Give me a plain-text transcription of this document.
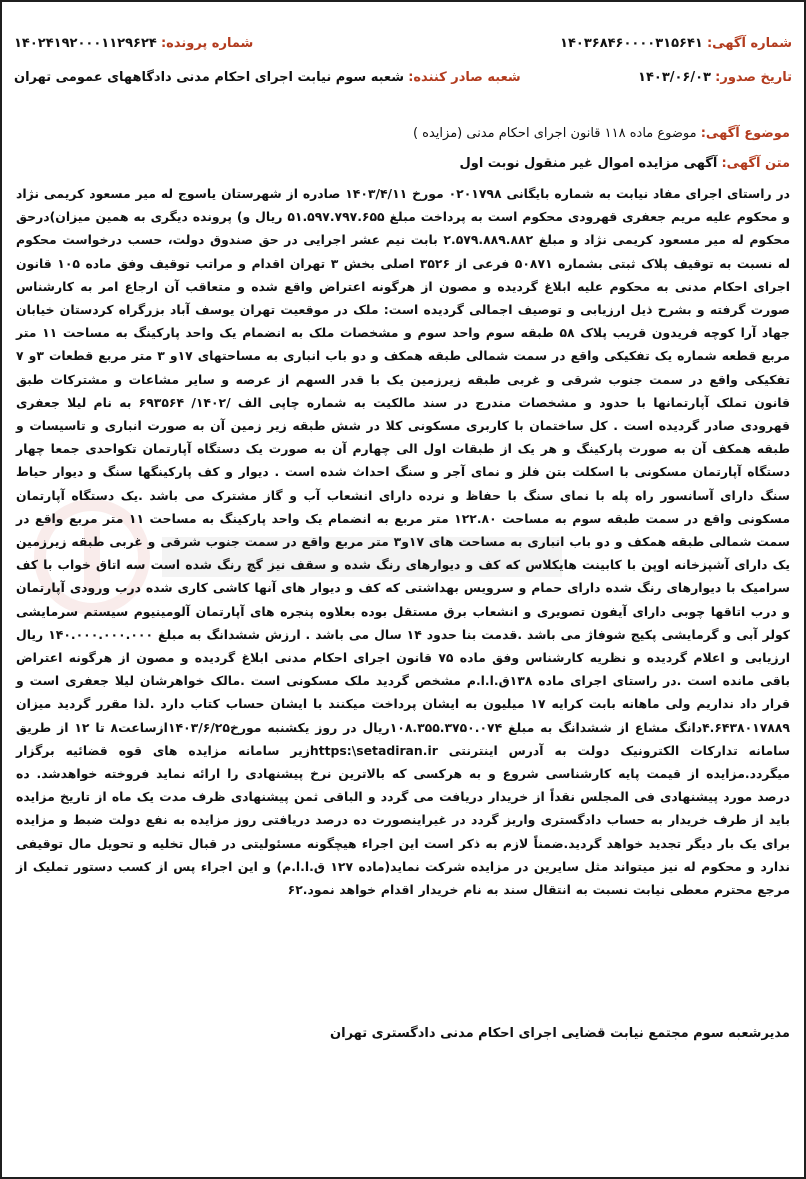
شماره آگهی: ۱۴۰۳۶۸۴۶۰۰۰۰۳۱۵۶۴۱
شماره پرونده: ۱۴۰۲۴۱۹۲۰۰۰۱۱۲۹۶۲۴
تاریخ صدور: ۱۴۰۳/۰۶/۰۳
شعبه صادر کننده: شعبه سوم نیابت اجرای احکام مدنی دادگاههای عمومی تهران
موضوع آگهی: موضوع ماده ۱۱۸ قانون اجرای احکام مدنی (مزایده )
متن آگهی: آگهی مزایده اموال غیر منقول نوبت اول
در راستای اجرای مفاد نیابت به شماره بایگانی ۰۲۰۱۷۹۸ مورخ ۱۴۰۳/۴/۱۱ صادره از شهرستان یاسوج له میر مسعود کریمی نژاد و محکوم علیه مریم جعفری قهرودی محکوم است به پرداخت مبلغ ۵۱.۵۹۷.۷۹۷.۶۵۵ ریال و) پرونده دیگری به همین میزان)درحق محکوم له میر مسعود کریمی نژاد و مبلغ ۲.۵۷۹.۸۸۹.۸۸۲ بابت نیم عشر اجرایی در حق صندوق دولت، حسب درخواست محکوم له نسبت به توقیف پلاک ثبتی بشماره ۵۰۸۷۱ فرعی از ۳۵۲۶ اصلی بخش ۳ تهران اقدام و مراتب توقیف وفق ماده ۱۰۵ قانون اجرای احکام مدنی به محکوم علیه ابلاغ گردیده و مصون از هرگونه اعتراض واقع شده و متعاقب آن ارجاع امر به کارشناس صورت گرفته و بشرح ذیل ارزیابی و توصیف اجمالی گردیده است: ملک در موقعیت تهران یوسف آباد بزرگراه کردستان خیابان جهاد آرا کوچه فریدون قریب پلاک ۵۸ طبقه سوم واحد سوم و مشخصات ملک به انضمام یک واحد پارکینگ به مساحت ۱۱ متر مربع قطعه شماره یک تفکیکی واقع در سمت شمالی طبقه همکف و دو باب انباری به مساحتهای ۱۷و ۳ متر مربع قطعات ۳و ۷ تفکیکی واقع در سمت جنوب شرقی و غربی طبقه زیرزمین یک با قدر السهم از عرصه و سایر مشاعات و مشترکات طبق قانون تملک آپارتمانها با حدود و مشخصات مندرج در سند مالکیت به شماره چاپی الف /۱۴۰۲/ ۶۹۳۵۶۴ به نام لیلا جعفری قهرودی صادر گردیده است . کل ساختمان با کاربری مسکونی کلا در شش طبقه زیر زمین آن به صورت انباری و تاسیسات و طبقه همکف آن به صورت پارکینگ و هر یک از طبقات اول الی چهارم آن به صورت یک دستگاه آپارتمان تکواحدی جمعا چهار دستگاه آپارتمان مسکونی با اسکلت بتن فلز و نمای آجر و سنگ احداث شده است . دیوار و کف پارکینگها سنگ و دیوار حیاط سنگ دارای آسانسور راه پله با نمای سنگ با حفاظ و نرده دارای انشعاب آب و گاز مشترک می باشد .یک دستگاه آپارتمان مسکونی واقع در سمت طبقه سوم به مساحت ۱۲۲.۸۰ متر مربع به انضمام یک واحد پارکینگ به مساحت ۱۱ متر مربع واقع در سمت شمالی طبقه همکف و دو باب انباری به مساحت های ۱۷و۳ متر مربع واقع در سمت جنوب شرقی و غربی طبقه زیرزمین یک دارای آشپزخانه اوپن با کابینت هایکلاس که کف و دیوارهای رنگ شده و سقف نیز گچ رنگ شده است سه اتاق خواب با کف سرامیک با دیوارهای رنگ شده دارای حمام و سرویس بهداشتی که کف و دیوار های آنها کاشی کاری شده درب ورودی آپارتمان و درب اتاقها چوبی دارای آیفون تصویری و انشعاب برق مستقل بوده بعلاوه پنجره های آپارتمان آلومینیوم سیستم سرمایشی کولر آبی و گرمایشی پکیج شوفاژ می باشد .قدمت بنا حدود ۱۴ سال می باشد . ارزش ششدانگ به مبلغ ۱۴۰.۰۰۰.۰۰۰.۰۰۰ ریال ارزیابی و اعلام گردیده و نظریه کارشناس وفق ماده ۷۵ قانون اجرای احکام مدنی ابلاغ گردیده و مصون از هرگونه اعتراض باقی مانده است .در راستای اجرای ماده ۱۳۸ق.ا.ا.م مشخص گردید ملک مسکونی است .مالک خواهرشان لیلا جعفری است و قرار داد نداریم ولی ماهانه بابت کرایه ۱۷ میلیون به ایشان پرداخت میکنند با ایشان حساب کتاب دارد .لذا مقرر گردید میزان ۴.۶۴۳۸۰۱۷۸۸۹دانگ مشاع از ششدانگ به مبلغ ۱۰۸.۳۵۵.۳۷۵۰.۰۷۴ریال در روز یکشنبه مورخ۱۴۰۳/۶/۲۵ازساعت۸ تا ۱۲ از طریق سامانه تدارکات الکترونیک دولت به آدرس اینترنتی https:\setadiran.irزیر سامانه مزایده های قوه قضائیه برگزار میگردد.مزایده از قیمت پایه کارشناسی شروع و به هرکسی که بالاترین نرخ پیشنهادی را ارائه نماید فروخته خواهدشد. ده درصد مورد پیشنهادی فی المجلس نقداً از خریدار دریافت می گردد و الباقی ثمن پیشنهادی ظرف مدت یک ماه از تاریخ مزایده باید از طرف خریدار به حساب دادگستری واریز گردد در غیراینصورت ده درصد دریافتی روز مزایده به نفع دولت ضبط و مزایده برای یک بار دیگر تجدید خواهد گردید.ضمناً لازم به ذکر است این اجراء هیچگونه مسئولیتی در قبال تخلیه و تحویل مال توقیفی ندارد و محکوم له نیز میتواند مثل سایرین در مزایده شرکت نماید(ماده ۱۲۷ ق.ا.ا.م) و این اجراء پس از کسب دستور تملیک از مرجع محترم معطی نیابت نسبت به انتقال سند به نام خریدار اقدام خواهد نمود.۶۲
مدیرشعبه سوم مجتمع نیابت قضایی اجرای احکام مدنی دادگستری تهران
